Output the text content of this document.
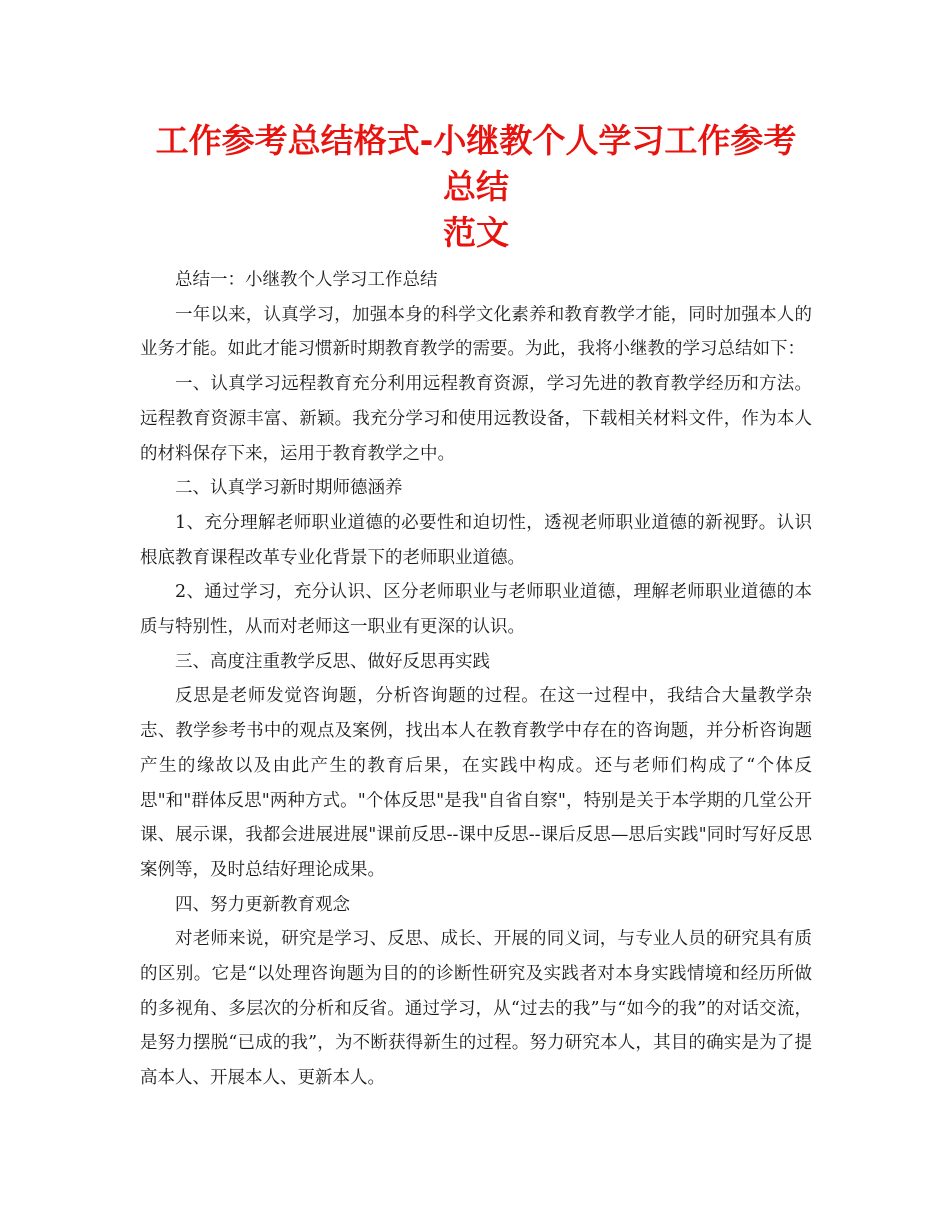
工作参考总结格式-小继教个人学习工作参考总结
范文

总结一：小继教个人学习工作总结

一年以来，认真学习，加强本身的科学文化素养和教育教学才能，同时加强本人的业务才能。如此才能习惯新时期教育教学的需要。为此，我将小继教的学习总结如下：

一、认真学习远程教育充分利用远程教育资源，学习先进的教育教学经历和方法。远程教育资源丰富、新颖。我充分学习和使用远教设备，下载相关材料文件，作为本人的材料保存下来，运用于教育教学之中。

二、认真学习新时期师德涵养

1、充分理解老师职业道德的必要性和迫切性，透视老师职业道德的新视野。认识根底教育课程改革专业化背景下的老师职业道德。

2、通过学习，充分认识、区分老师职业与老师职业道德，理解老师职业道德的本质与特别性，从而对老师这一职业有更深的认识。

三、高度注重教学反思、做好反思再实践

反思是老师发觉咨询题，分析咨询题的过程。在这一过程中，我结合大量教学杂志、教学参考书中的观点及案例，找出本人在教育教学中存在的咨询题，并分析咨询题产生的缘故以及由此产生的教育后果，在实践中构成。还与老师们构成了“个体反思"和"群体反思"两种方式。"个体反思"是我"自省自察"，特别是关于本学期的几堂公开课、展示课，我都会进展进展"课前反思--课中反思--课后反思—思后实践"同时写好反思案例等，及时总结好理论成果。

四、努力更新教育观念

对老师来说，研究是学习、反思、成长、开展的同义词，与专业人员的研究具有质的区别。它是“以处理咨询题为目的的诊断性研究及实践者对本身实践情境和经历所做的多视角、多层次的分析和反省。通过学习，从“过去的我”与“如今的我”的对话交流，是努力摆脱“已成的我”，为不断获得新生的过程。努力研究本人，其目的确实是为了提高本人、开展本人、更新本人。
